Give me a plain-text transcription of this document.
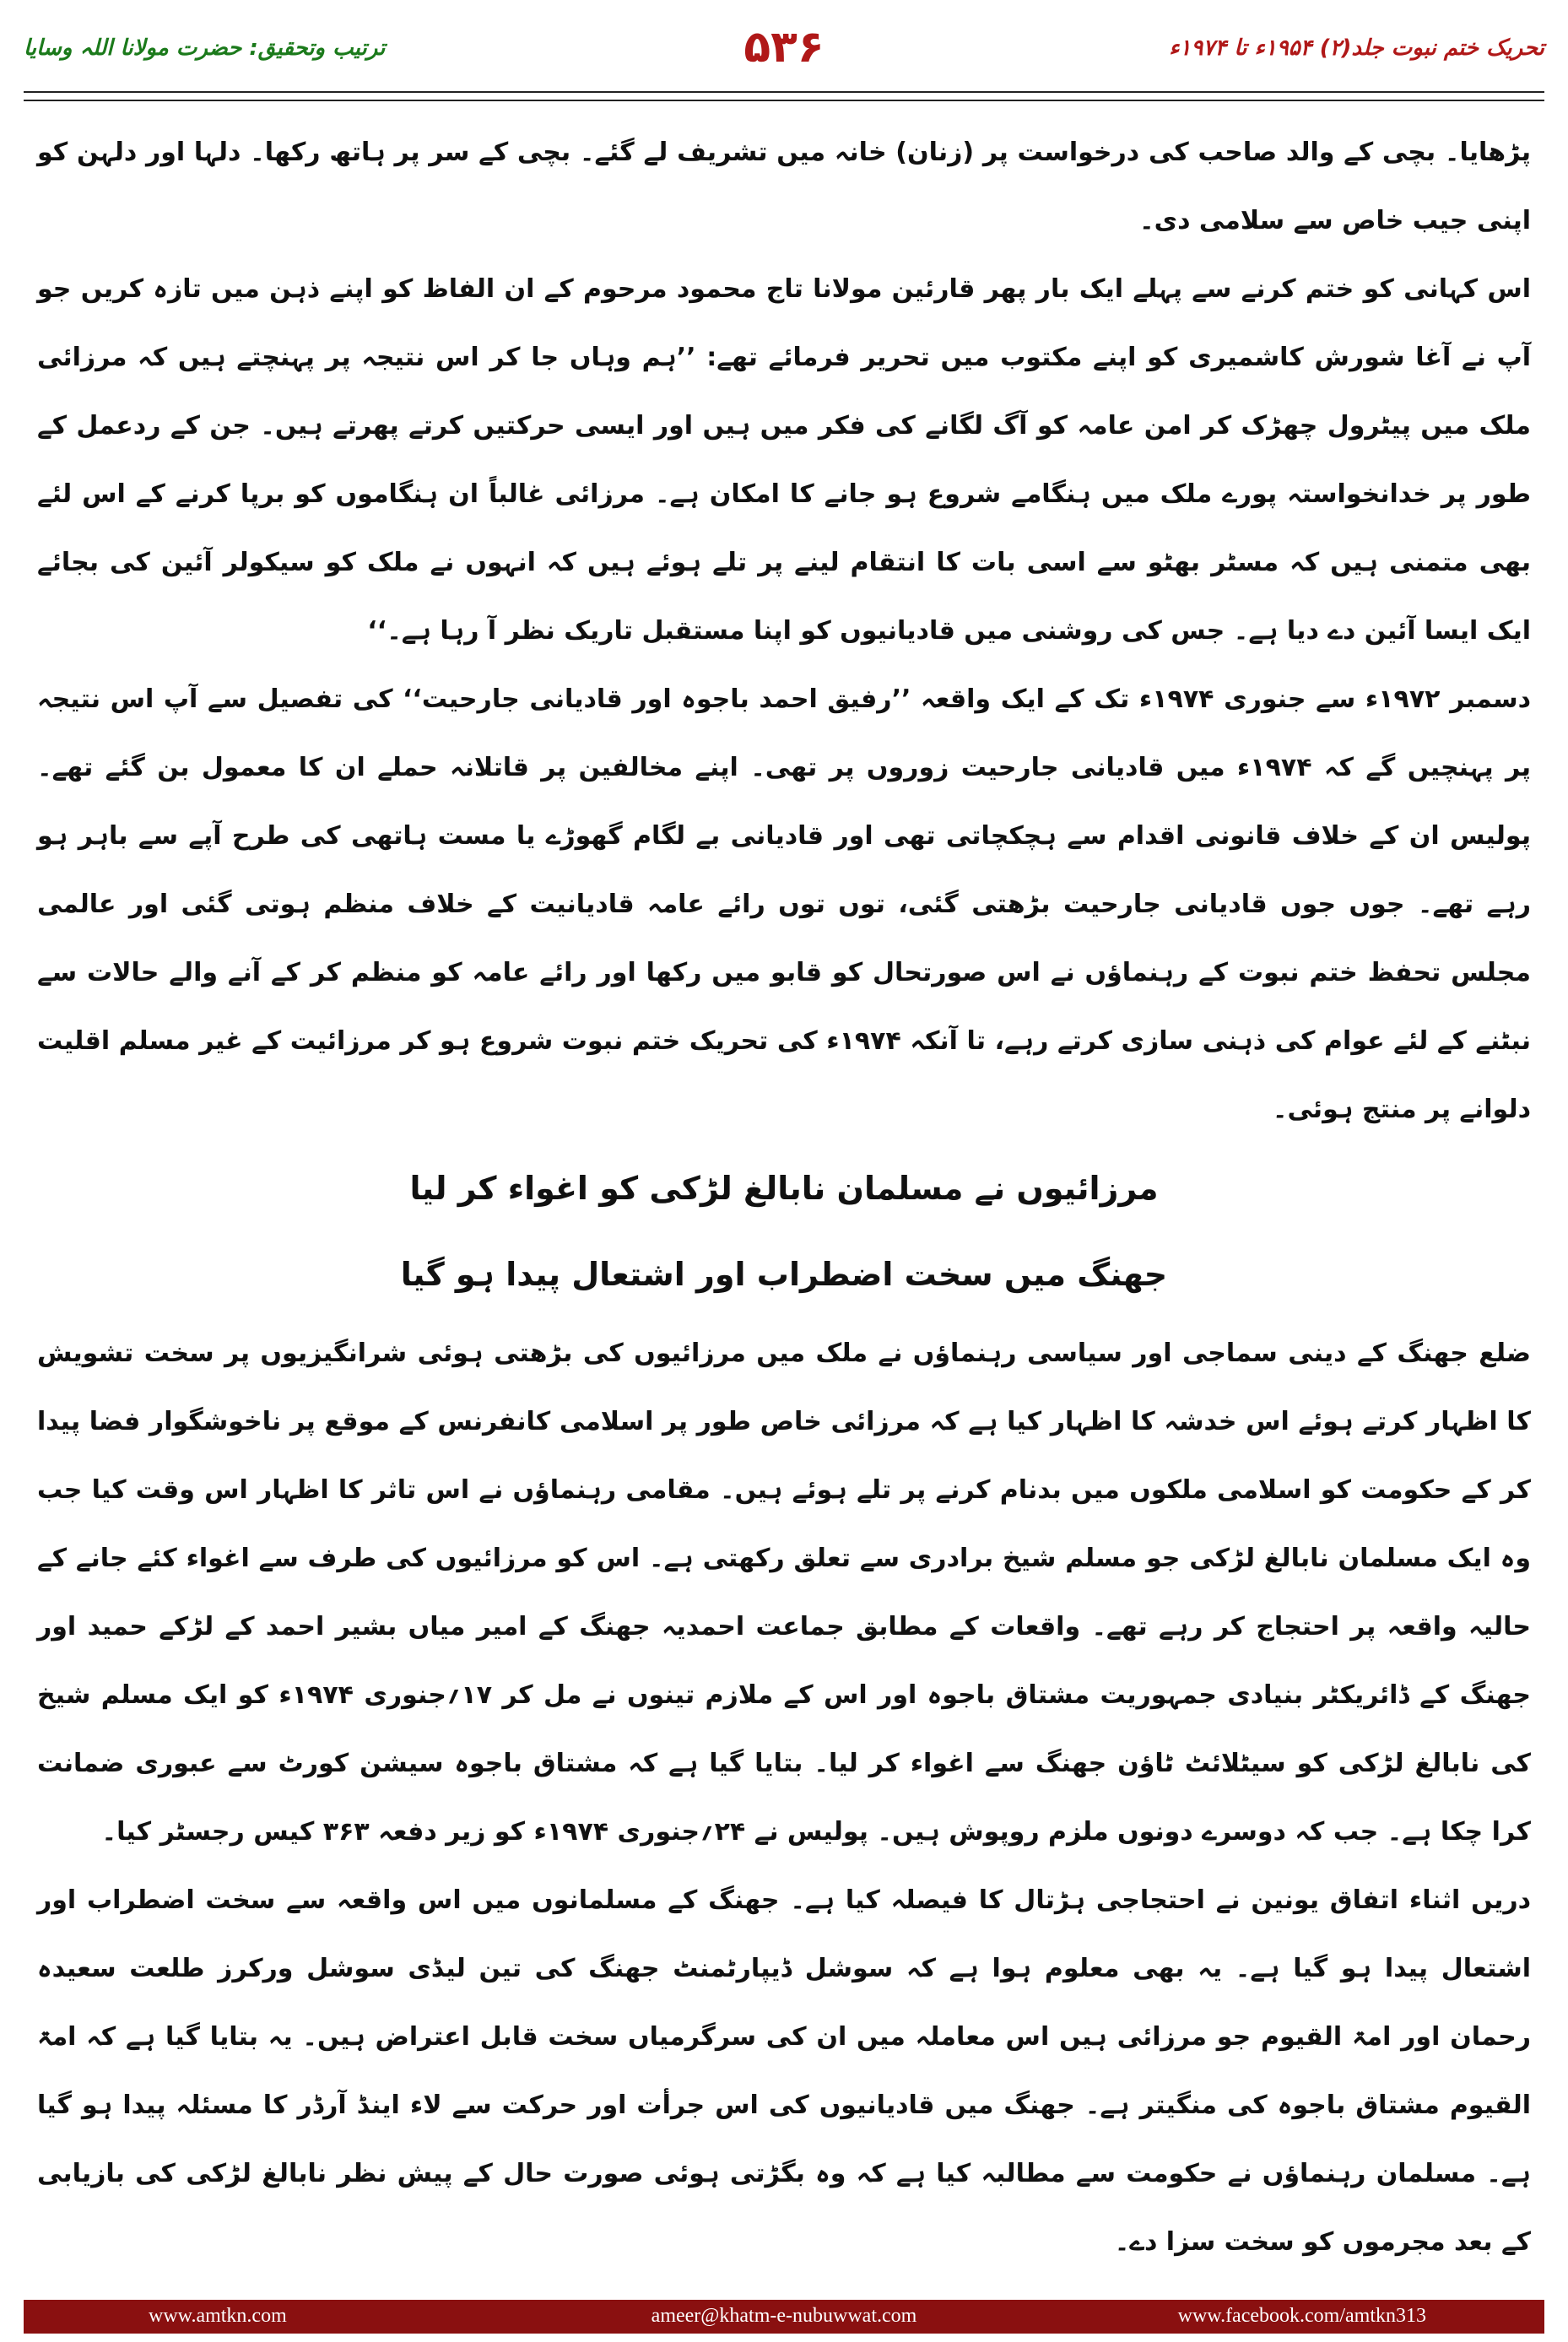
ترتیب وتحقیق: حضرت مولانا اللہ وسایا	۵۳۶	تحریک ختم نبوت جلد(۲) ۱۹۵۴ء تا ۱۹۷۴ء

پڑھایا۔ بچی کے والد صاحب کی درخواست پر (زنان) خانہ میں تشریف لے گئے۔ بچی کے سر پر ہاتھ رکھا۔ دلہا اور دلہن کو اپنی جیب خاص سے سلامی دی۔

اس کہانی کو ختم کرنے سے پہلے ایک بار پھر قارئین مولانا تاج محمود مرحوم کے ان الفاظ کو اپنے ذہن میں تازہ کریں جو آپ نے آغا شورش کاشمیری کو اپنے مکتوب میں تحریر فرمائے تھے: ’’ہم وہاں جا کر اس نتیجہ پر پہنچتے ہیں کہ مرزائی ملک میں پیٹرول چھڑک کر امن عامہ کو آگ لگانے کی فکر میں ہیں اور ایسی حرکتیں کرتے پھرتے ہیں۔ جن کے ردعمل کے طور پر خدانخواستہ پورے ملک میں ہنگامے شروع ہو جانے کا امکان ہے۔ مرزائی غالباً ان ہنگاموں کو برپا کرنے کے اس لئے بھی متمنی ہیں کہ مسٹر بھٹو سے اسی بات کا انتقام لینے پر تلے ہوئے ہیں کہ انہوں نے ملک کو سیکولر آئین کی بجائے ایک ایسا آئین دے دیا ہے۔ جس کی روشنی میں قادیانیوں کو اپنا مستقبل تاریک نظر آ رہا ہے۔‘‘

دسمبر ۱۹۷۲ء سے جنوری ۱۹۷۴ء تک کے ایک واقعہ ’’رفیق احمد باجوہ اور قادیانی جارحیت‘‘ کی تفصیل سے آپ اس نتیجہ پر پہنچیں گے کہ ۱۹۷۴ء میں قادیانی جارحیت زوروں پر تھی۔ اپنے مخالفین پر قاتلانہ حملے ان کا معمول بن گئے تھے۔ پولیس ان کے خلاف قانونی اقدام سے ہچکچاتی تھی اور قادیانی بے لگام گھوڑے یا مست ہاتھی کی طرح آپے سے باہر ہو رہے تھے۔ جوں جوں قادیانی جارحیت بڑھتی گئی، توں توں رائے عامہ قادیانیت کے خلاف منظم ہوتی گئی اور عالمی مجلس تحفظ ختم نبوت کے رہنماؤں نے اس صورتحال کو قابو میں رکھا اور رائے عامہ کو منظم کر کے آنے والے حالات سے نبٹنے کے لئے عوام کی ذہنی سازی کرتے رہے، تا آنکہ ۱۹۷۴ء کی تحریک ختم نبوت شروع ہو کر مرزائیت کے غیر مسلم اقلیت دلوانے پر منتج ہوئی۔

مرزائیوں نے مسلمان نابالغ لڑکی کو اغواء کر لیا
جھنگ میں سخت اضطراب اور اشتعال پیدا ہو گیا

ضلع جھنگ کے دینی سماجی اور سیاسی رہنماؤں نے ملک میں مرزائیوں کی بڑھتی ہوئی شرانگیزیوں پر سخت تشویش کا اظہار کرتے ہوئے اس خدشہ کا اظہار کیا ہے کہ مرزائی خاص طور پر اسلامی کانفرنس کے موقع پر ناخوشگوار فضا پیدا کر کے حکومت کو اسلامی ملکوں میں بدنام کرنے پر تلے ہوئے ہیں۔ مقامی رہنماؤں نے اس تاثر کا اظہار اس وقت کیا جب وہ ایک مسلمان نابالغ لڑکی جو مسلم شیخ برادری سے تعلق رکھتی ہے۔ اس کو مرزائیوں کی طرف سے اغواء کئے جانے کے حالیہ واقعہ پر احتجاج کر رہے تھے۔ واقعات کے مطابق جماعت احمدیہ جھنگ کے امیر میاں بشیر احمد کے لڑکے حمید اور جھنگ کے ڈائریکٹر بنیادی جمہوریت مشتاق باجوہ اور اس کے ملازم تینوں نے مل کر ۱۷؍جنوری ۱۹۷۴ء کو ایک مسلم شیخ کی نابالغ لڑکی کو سیٹلائٹ ٹاؤن جھنگ سے اغواء کر لیا۔ بتایا گیا ہے کہ مشتاق باجوہ سیشن کورٹ سے عبوری ضمانت کرا چکا ہے۔ جب کہ دوسرے دونوں ملزم روپوش ہیں۔ پولیس نے ۲۴؍جنوری ۱۹۷۴ء کو زیر دفعہ ۳۶۳ کیس رجسٹر کیا۔

دریں اثناء اتفاق یونین نے احتجاجی ہڑتال کا فیصلہ کیا ہے۔ جھنگ کے مسلمانوں میں اس واقعہ سے سخت اضطراب اور اشتعال پیدا ہو گیا ہے۔ یہ بھی معلوم ہوا ہے کہ سوشل ڈیپارٹمنٹ جھنگ کی تین لیڈی سوشل ورکرز طلعت سعیدہ رحمان اور امۃ القیوم جو مرزائی ہیں اس معاملہ میں ان کی سرگرمیاں سخت قابل اعتراض ہیں۔ یہ بتایا گیا ہے کہ امۃ القیوم مشتاق باجوہ کی منگیتر ہے۔ جھنگ میں قادیانیوں کی اس جرأت اور حرکت سے لاء اینڈ آرڈر کا مسئلہ پیدا ہو گیا ہے۔ مسلمان رہنماؤں نے حکومت سے مطالبہ کیا ہے کہ وہ بگڑتی ہوئی صورت حال کے پیش نظر نابالغ لڑکی کی بازیابی کے بعد مجرموں کو سخت سزا دے۔

www.amtkn.com	ameer@khatm-e-nubuwwat.com	www.facebook.com/amtkn313
